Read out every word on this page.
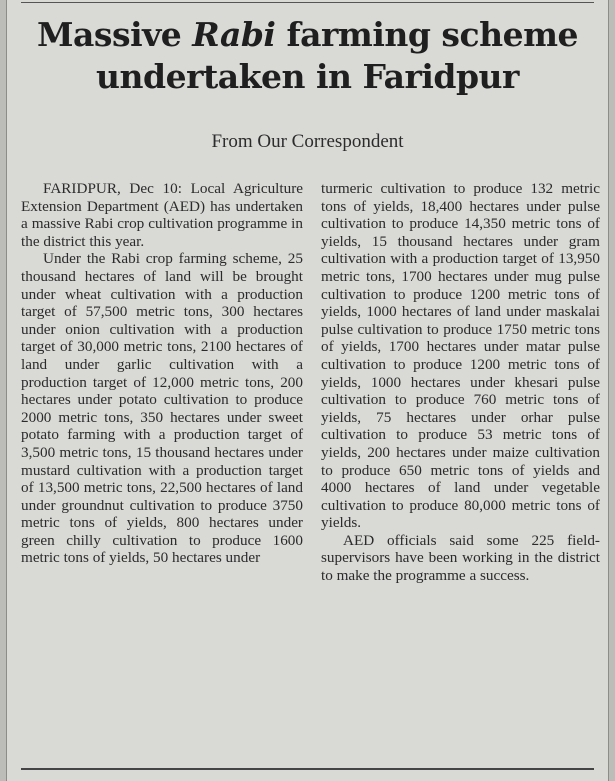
Massive Rabi farming scheme
undertaken in Faridpur
From Our Correspondent

FARIDPUR, Dec 10: Local Agriculture Extension Department (AED) has undertaken a massive Rabi crop cultivation programme in the district this year.

Under the Rabi crop farming scheme, 25 thousand hectares of land will be brought under wheat cultivation with a production target of 57,500 metric tons, 300 hectares under onion cultivation with a production target of 30,000 metric tons, 2100 hectares of land under garlic cultivation with a production target of 12,000 metric tons, 200 hectares under potato cultivation to produce 2000 metric tons, 350 hectares under sweet potato farming with a production target of 3,500 metric tons, 15 thousand hectares under mustard cultivation with a production target of 13,500 metric tons, 22,500 hectares of land under groundnut cultivation to produce 3750 metric tons of yields, 800 hectares under green chilly cultivation to produce 1600 metric tons of yields, 50 hectares under

turmeric cultivation to produce 132 metric tons of yields, 18,400 hectares under pulse cultivation to produce 14,350 metric tons of yields, 15 thousand hectares under gram cultivation with a production target of 13,950 metric tons, 1700 hectares under mug pulse cultivation to produce 1200 metric tons of yields, 1000 hectares of land under maskalai pulse cultivation to produce 1750 metric tons of yields, 1700 hectares under matar pulse cultivation to produce 1200 metric tons of yields, 1000 hectares under khesari pulse cultivation to produce 760 metric tons of yields, 75 hectares under orhar pulse cultivation to produce 53 metric tons of yields, 200 hectares under maize cultivation to produce 650 metric tons of yields and 4000 hectares of land under vegetable cultivation to produce 80,000 metric tons of yields.

AED officials said some 225 field-supervisors have been working in the district to make the programme a success.
